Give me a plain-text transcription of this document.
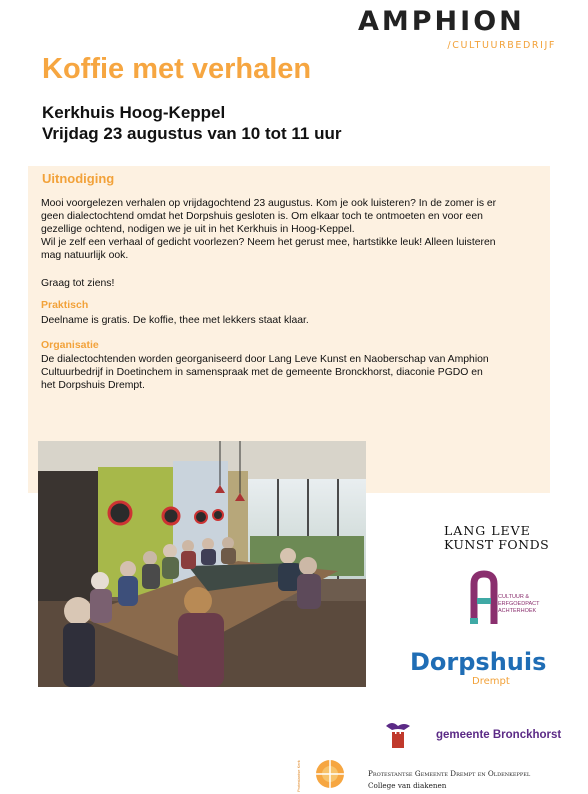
AMPHION
/CULTUURBEDRIJF
Koffie met verhalen
Kerkhuis Hoog-Keppel
Vrijdag 23 augustus van 10 tot 11 uur
Uitnodiging
Mooi voorgelezen verhalen op vrijdagochtend 23 augustus. Kom je ook luisteren? In de zomer is er
geen dialectochtend omdat het Dorpshuis gesloten is. Om elkaar toch te ontmoeten en voor een
gezellige ochtend, nodigen we je uit in het Kerkhuis in Hoog-Keppel.
Wil je zelf een verhaal of gedicht voorlezen? Neem het gerust mee, hartstikke leuk! Alleen luisteren
mag natuurlijk ook.
Graag tot ziens!
Praktisch
Deelname is gratis. De koffie, thee met lekkers staat klaar.
Organisatie
De dialectochtenden worden georganiseerd door Lang Leve Kunst en Naoberschap van Amphion
Cultuurbedrijf in Doetinchem in samenspraak met de gemeente Bronckhorst, diaconie PGDO en
het Dorpshuis Drempt.
LANG LEVE
KUNST FONDS
CULTUUR &
ERFGOEDPACT
ACHTERHOEK
Dorpshuis
Drempt
gemeente Bronckhorst
Protestantse Kerk	Protestantse Gemeente Drempt en Oldenkeppel
College van diakenen
